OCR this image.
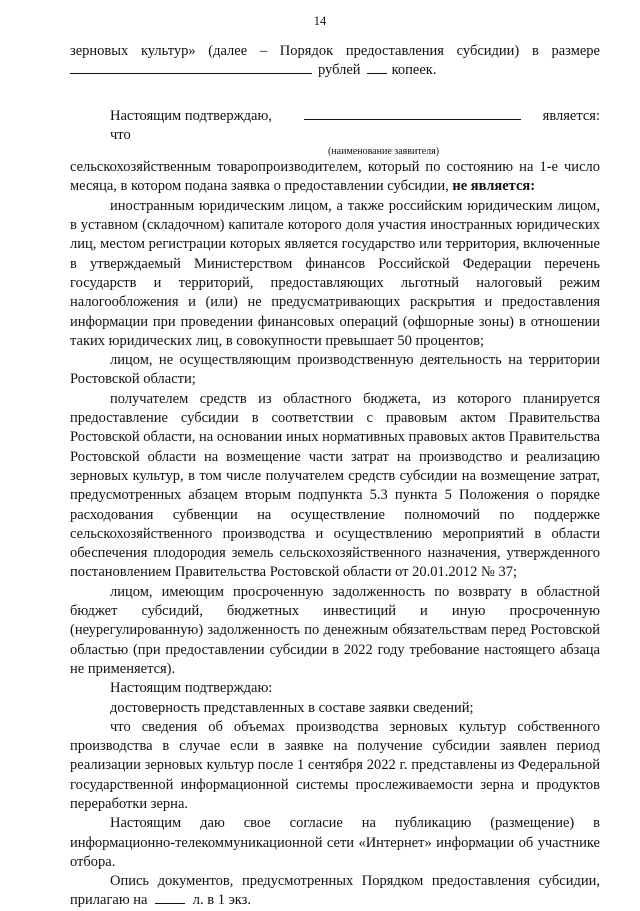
14

зерновых культур» (далее – Порядок предоставления субсидии) в размере

рублей копеек.
Настоящим подтверждаю, что
является:
(наименование заявителя)

сельскохозяйственным товаропроизводителем, который по состоянию на 1-е число месяца, в котором подана заявка о предоставлении субсидии, не является:

иностранным юридическим лицом, а также российским юридическим лицом, в уставном (складочном) капитале которого доля участия иностранных юридических лиц, местом регистрации которых является государство или территория, включенные в утверждаемый Министерством финансов Российской Федерации перечень государств и территорий, предоставляющих льготный налоговый режим налогообложения и (или) не предусматривающих раскрытия и предоставления информации при проведении финансовых операций (офшорные зоны) в отношении таких юридических лиц, в совокупности превышает 50 процентов;

лицом, не осуществляющим производственную деятельность на территории Ростовской области;

получателем средств из областного бюджета, из которого планируется предоставление субсидии в соответствии с правовым актом Правительства Ростовской области, на основании иных нормативных правовых актов Правительства Ростовской области на возмещение части затрат на производство и реализацию зерновых культур, в том числе получателем средств субсидии на возмещение затрат, предусмотренных абзацем вторым подпункта 5.3 пункта 5 Положения о порядке расходования субвенции на осуществление полномочий по поддержке сельскохозяйственного производства и осуществлению мероприятий в области обеспечения плодородия земель сельскохозяйственного назначения, утвержденного постановлением Правительства Ростовской области от 20.01.2012 № 37;

лицом, имеющим просроченную задолженность по возврату в областной бюджет субсидий, бюджетных инвестиций и иную просроченную (неурегулированную) задолженность по денежным обязательствам перед Ростовской областью (при предоставлении субсидии в 2022 году требование настоящего абзаца не применяется).

Настоящим подтверждаю:

достоверность представленных в составе заявки сведений;

что сведения об объемах производства зерновых культур собственного производства в случае если в заявке на получение субсидии заявлен период реализации зерновых культур после 1 сентября 2022 г. представлены из Федеральной государственной информационной системы прослеживаемости зерна и продуктов переработки зерна.

Настоящим даю свое согласие на публикацию (размещение) в информационно-телекоммуникационной сети «Интернет» информации об участнике отбора.

Опись документов, предусмотренных Порядком предоставления субсидии, прилагаю на	л. в 1 экз.
